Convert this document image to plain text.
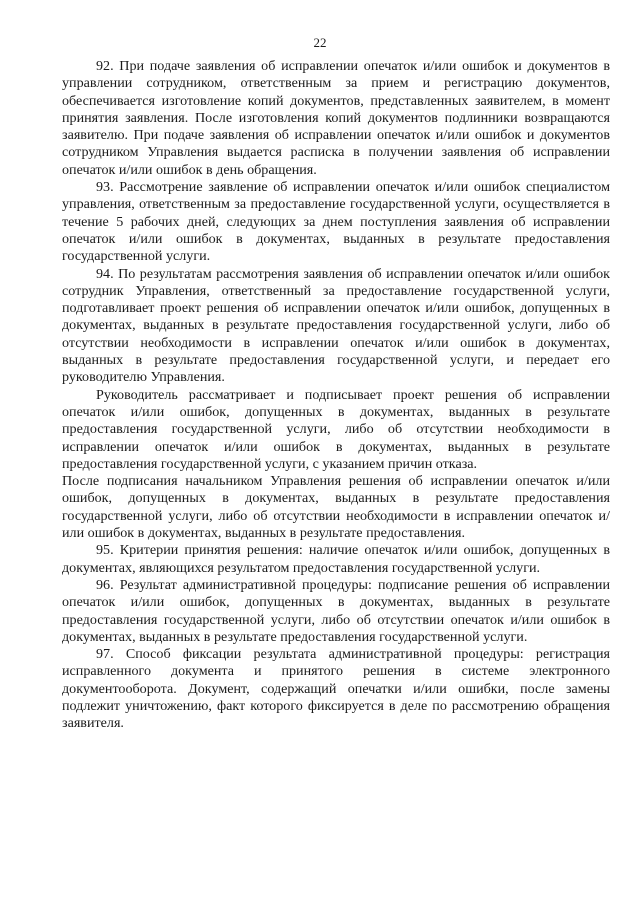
22

92. При подаче заявления об исправлении опечаток и/или ошибок и документов в управлении сотрудником, ответственным за прием и регистрацию документов, обеспечивается изготовление копий документов, представленных заявителем, в момент принятия заявления. После изготовления копий документов подлинники возвращаются заявителю. При подаче заявления об исправлении опечаток и/или ошибок и документов сотрудником Управления выдается расписка в получении заявления об исправлении опечаток и/или ошибок в день обращения.

93. Рассмотрение заявление об исправлении опечаток и/или ошибок специалистом управления, ответственным за предоставление государственной услуги, осуществляется в течение 5 рабочих дней, следующих за днем поступления заявления об исправлении опечаток и/или ошибок в документах, выданных в результате предоставления государственной услуги.

94. По результатам рассмотрения заявления об исправлении опечаток и/или ошибок сотрудник Управления, ответственный за предоставление государственной услуги, подготавливает проект решения об исправлении опечаток и/или ошибок, допущенных в документах, выданных в результате предоставления государственной услуги, либо об отсутствии необходимости в исправлении опечаток и/или ошибок в документах, выданных в результате предоставления государственной услуги, и передает его руководителю Управления.

Руководитель рассматривает и подписывает проект решения об исправлении опечаток и/или ошибок, допущенных в документах, выданных в результате предоставления государственной услуги, либо об отсутствии необходимости в исправлении опечаток и/или ошибок в документах, выданных в результате предоставления государственной услуги, с указанием причин отказа.

После подписания начальником Управления решения об исправлении опечаток и/или ошибок, допущенных в документах, выданных в результате предоставления государственной услуги, либо об отсутствии необходимости в исправлении опечаток и/или ошибок в документах, выданных в результате предоставления.

95. Критерии принятия решения: наличие опечаток и/или ошибок, допущенных в документах, являющихся результатом предоставления государственной услуги.

96. Результат административной процедуры: подписание решения об исправлении опечаток и/или ошибок, допущенных в документах, выданных в результате предоставления государственной услуги, либо об отсутствии опечаток и/или ошибок в документах, выданных в результате предоставления государственной услуги.

97. Способ фиксации результата административной процедуры: регистрация исправленного документа и принятого решения в системе электронного документооборота. Документ, содержащий опечатки и/или ошибки, после замены подлежит уничтожению, факт которого фиксируется в деле по рассмотрению обращения заявителя.
